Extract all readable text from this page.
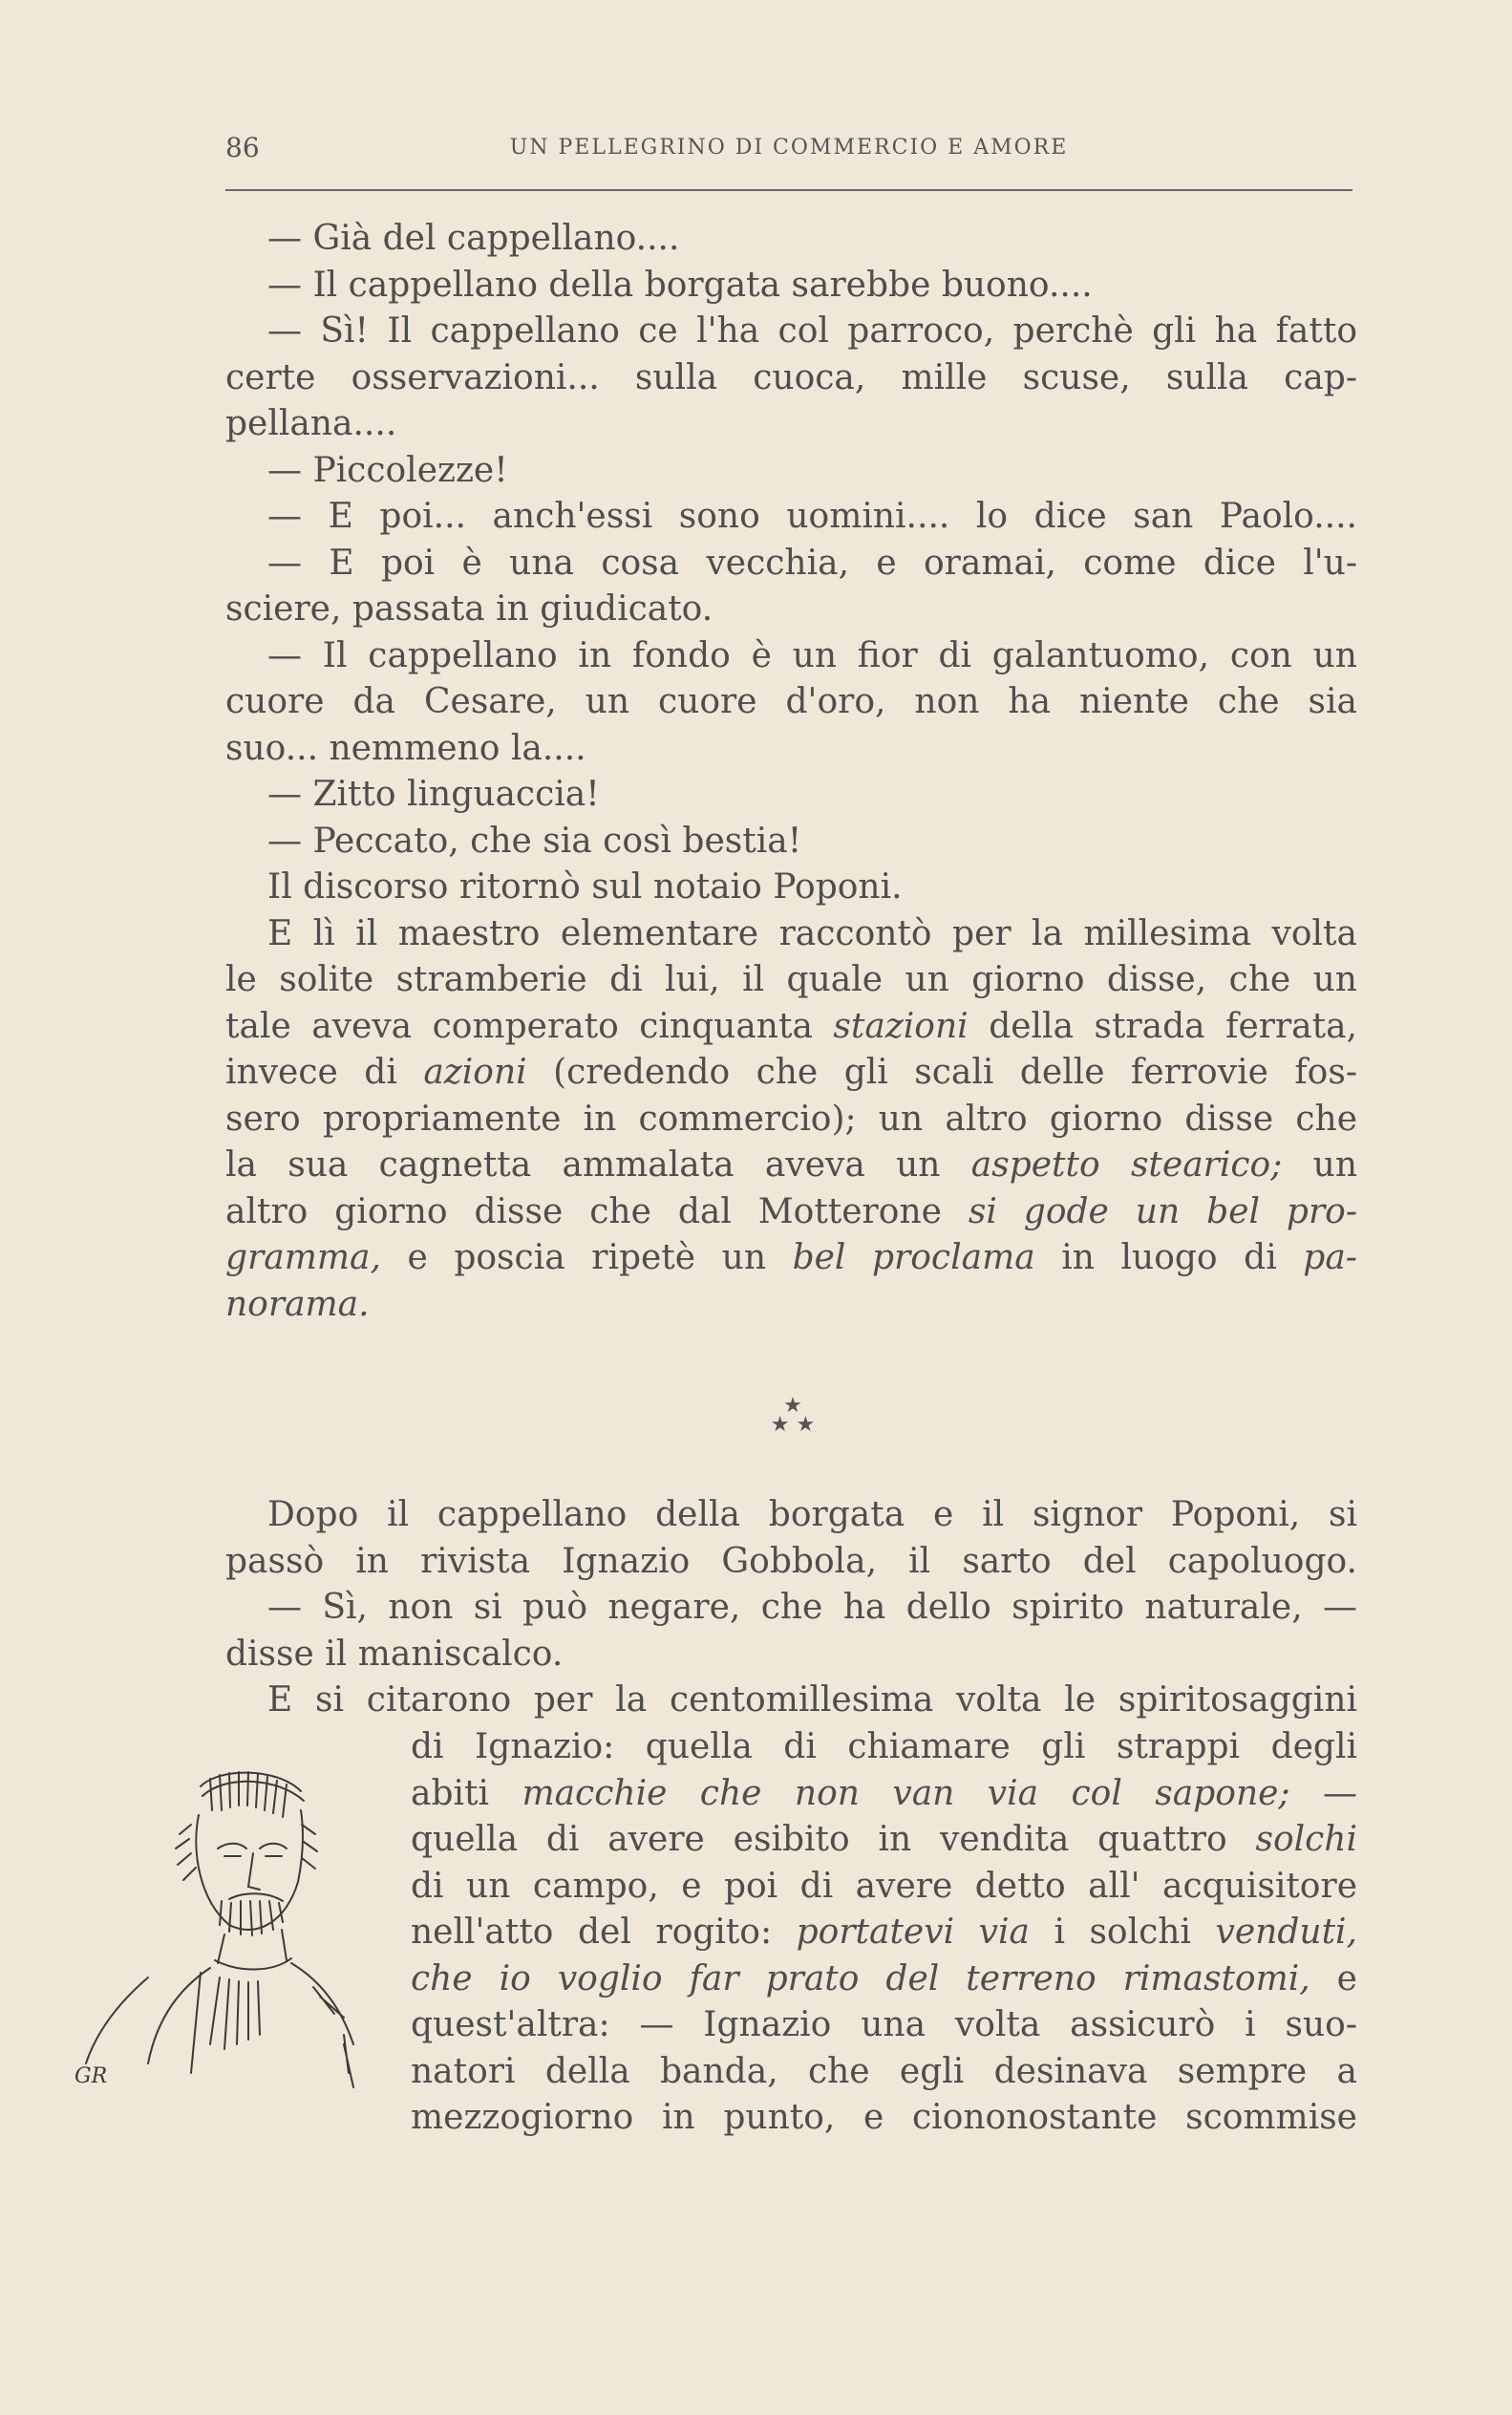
86	UN PELLEGRINO DI COMMERCIO E AMORE
— Già del cappellano....
— Il cappellano della borgata sarebbe buono....
— Sì! Il cappellano ce l'ha col parroco, perchè gli ha fatto
certe osservazioni... sulla cuoca, mille scuse, sulla cap-
pellana....
— Piccolezze!
— E poi... anch'essi sono uomini.... lo dice san Paolo....
— E poi è una cosa vecchia, e oramai, come dice l'u-
sciere, passata in giudicato.
— Il cappellano in fondo è un fior di galantuomo, con un
cuore da Cesare, un cuore d'oro, non ha niente che sia
suo... nemmeno la....
— Zitto linguaccia!
— Peccato, che sia così bestia!
Il discorso ritornò sul notaio Poponi.
E lì il maestro elementare raccontò per la millesima volta
le solite stramberie di lui, il quale un giorno disse, che un
tale aveva comperato cinquanta stazioni della strada ferrata,
invece di azioni (credendo che gli scali delle ferrovie fos-
sero propriamente in commercio); un altro giorno disse che
la sua cagnetta ammalata aveva un aspetto stearico; un
altro giorno disse che dal Motterone si gode un bel pro-
gramma, e poscia ripetè un bel proclama in luogo di pa-
norama.
★
★ ★
Dopo il cappellano della borgata e il signor Poponi, si
passò in rivista Ignazio Gobbola, il sarto del capoluogo.
— Sì, non si può negare, che ha dello spirito naturale, —
disse il maniscalco.
E si citarono per la centomillesima volta le spiritosaggini
di Ignazio: quella di chiamare gli strappi degli
abiti macchie che non van via col sapone; —
quella di avere esibito in vendita quattro solchi
di un campo, e poi di avere detto all' acquisitore
nell'atto del rogito: portatevi via i solchi venduti,
che io voglio far prato del terreno rimastomi, e
quest'altra: — Ignazio una volta assicurò i suo-
natori della banda, che egli desinava sempre a
mezzogiorno in punto, e ciononostante scommise
GR
